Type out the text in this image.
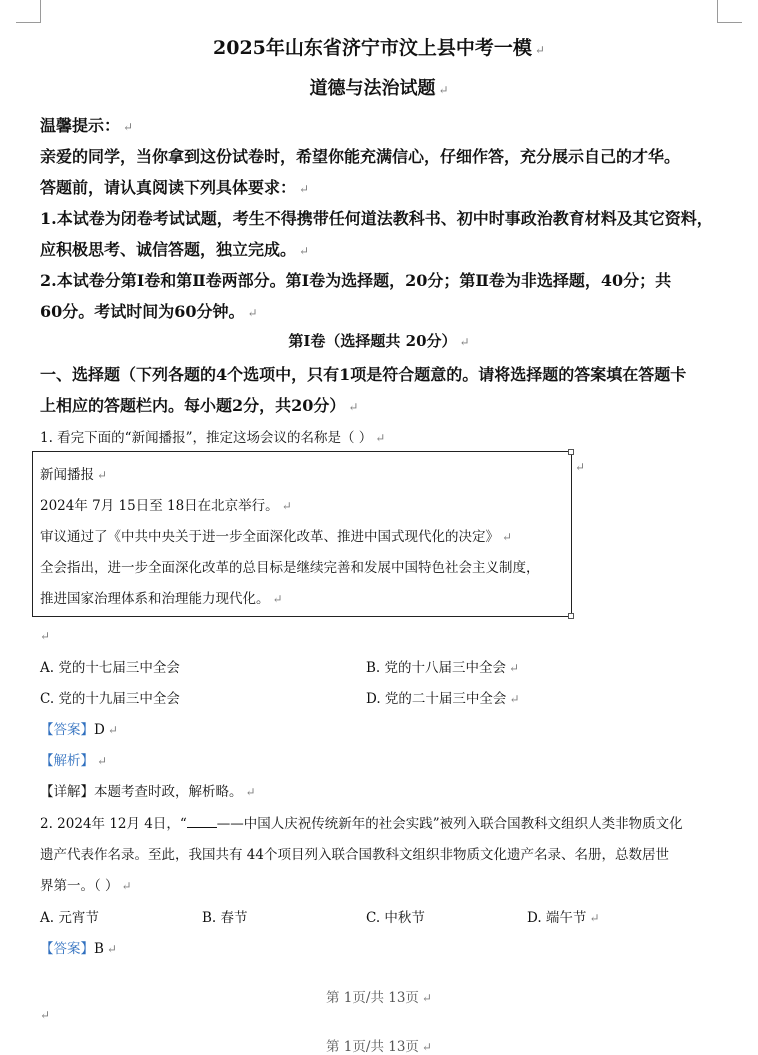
2025年山东省济宁市汶上县中考一模 ↵
道德与法治试题 ↵
温馨提示： ↵
亲爱的同学，当你拿到这份试卷时，希望你能充满信心，仔细作答，充分展示自己的才华。
答题前，请认真阅读下列具体要求： ↵
1.本试卷为闭卷考试试题，考生不得携带任何道法教科书、初中时事政治教育材料及其它资料，
应积极思考、诚信答题，独立完成。 ↵
2.本试卷分第Ⅰ卷和第Ⅱ卷两部分。第Ⅰ卷为选择题，20分；第Ⅱ卷为非选择题，40分；共
60分。考试时间为60分钟。 ↵
第Ⅰ卷（选择题共 20分） ↵
一、选择题（下列各题的4个选项中，只有1项是符合题意的。请将选择题的答案填在答题卡
上相应的答题栏内。每小题2分，共20分） ↵
1. 看完下面的“新闻播报”，推定这场会议的名称是（ ） ↵
↵
新闻播报 ↵
2024年 7月 15日至 18日在北京举行。 ↵
审议通过了《中共中央关于进一步全面深化改革、推进中国式现代化的决定》 ↵
全会指出，进一步全面深化改革的总目标是继续完善和发展中国特色社会主义制度，
推进国家治理体系和治理能力现代化。 ↵
↵
A. 党的十七届三中全会	B. 党的十八届三中全会 ↵
C. 党的十九届三中全会	D. 党的二十届三中全会 ↵
【答案】D ↵
【解析】 ↵
【详解】本题考查时政，解析略。 ↵
2. 2024年 12月 4日，“ ——中国人庆祝传统新年的社会实践”被列入联合国教科文组织人类非物质文化
遗产代表作名录。至此，我国共有 44个项目列入联合国教科文组织非物质文化遗产名录、名册，总数居世
界第一。（ ） ↵
A. 元宵节	B. 春节	C. 中秋节	D. 端午节 ↵
【答案】B ↵
第 1页/共 13页 ↵
↵
第 1页/共 13页 ↵
